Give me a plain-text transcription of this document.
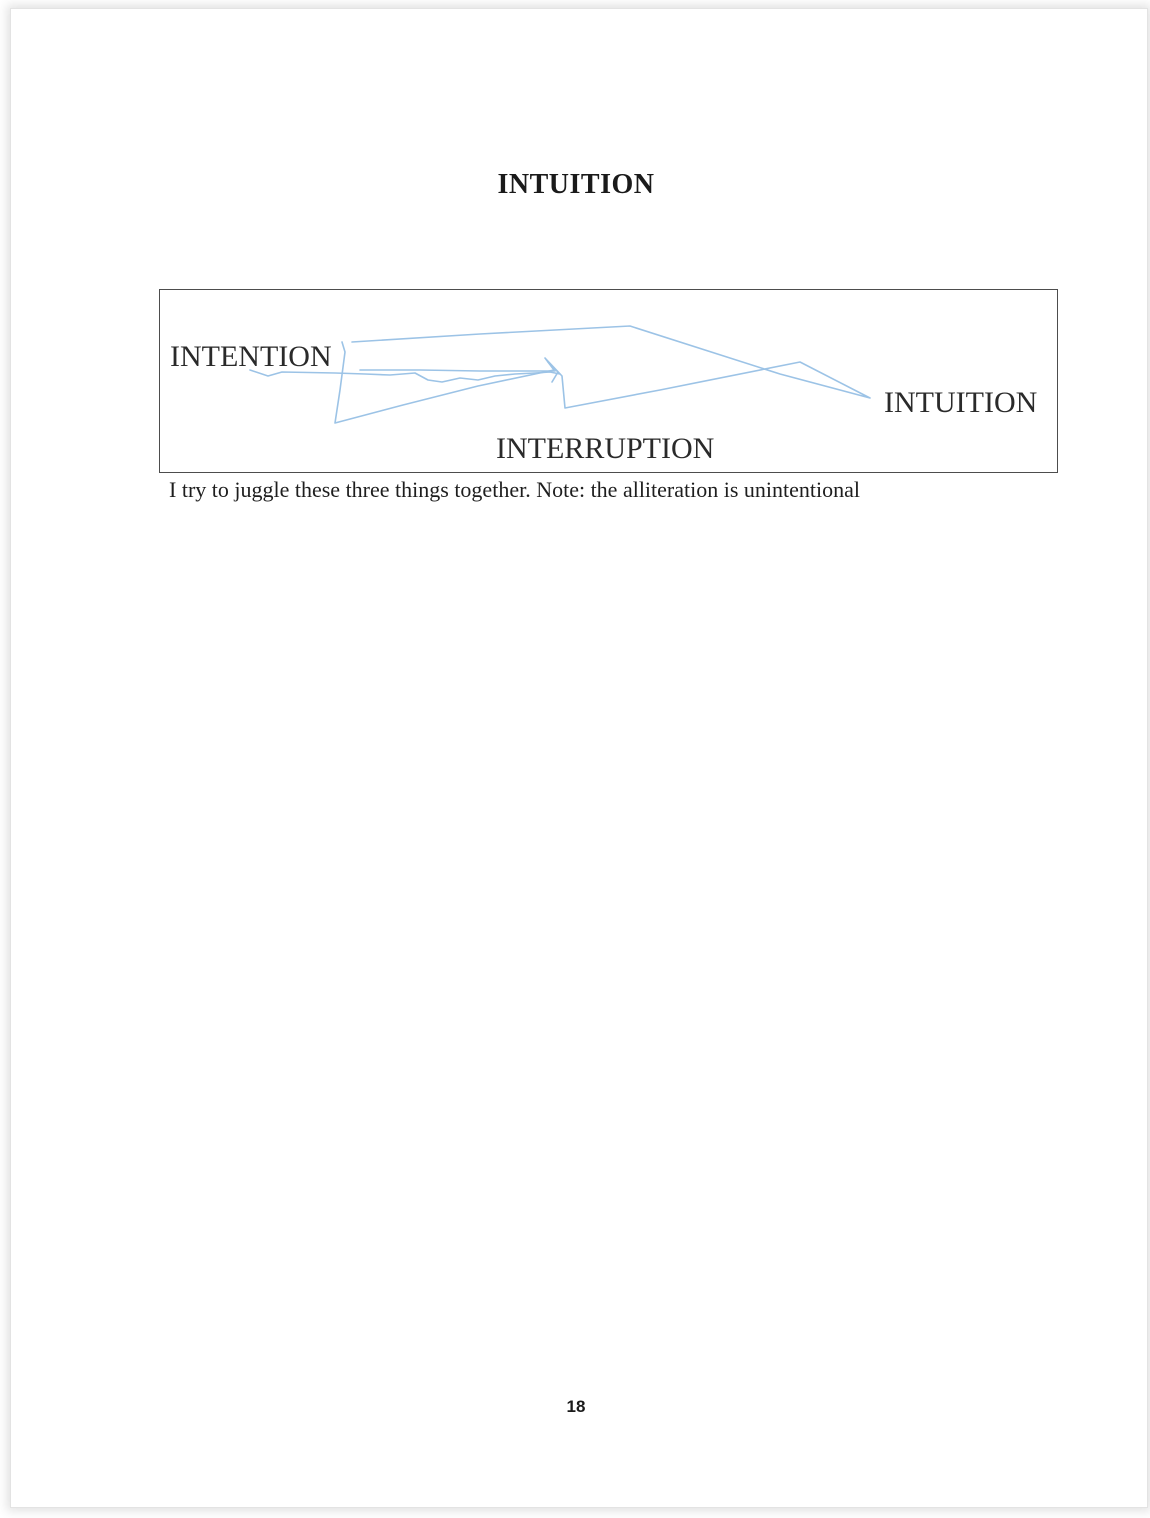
INTUITION
INTENTION
INTUITION
INTERRUPTION
I try to juggle these three things together. Note: the alliteration is unintentional
18
